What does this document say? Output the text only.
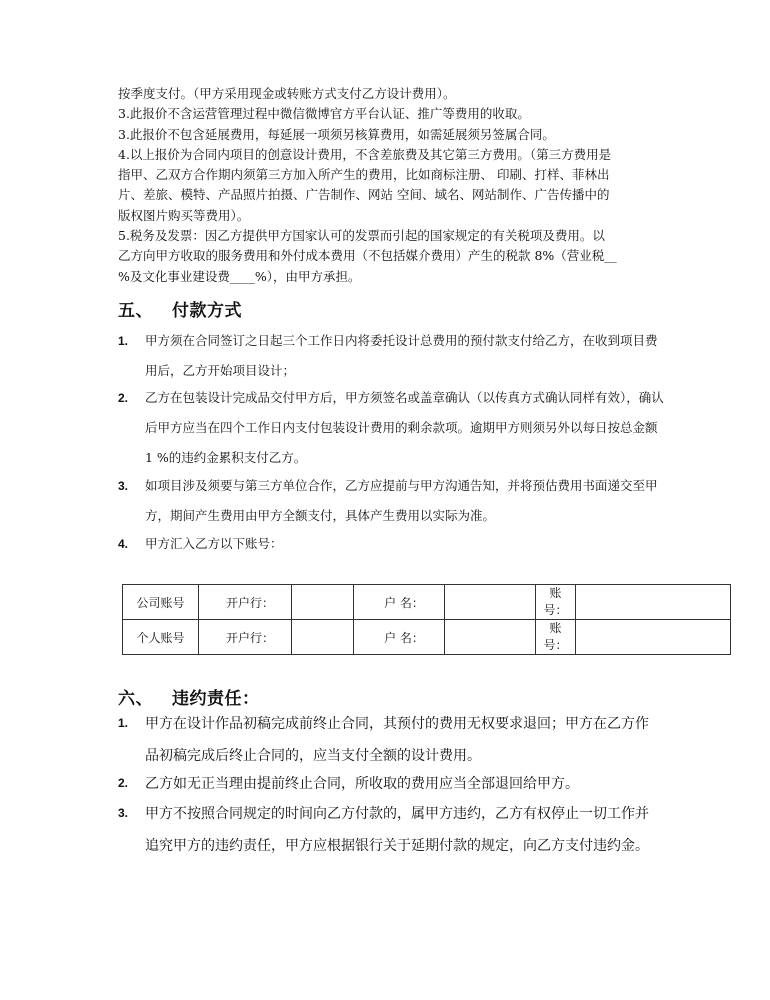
按季度支付。（甲方采用现金或转账方式支付乙方设计费用）。

3.此报价不含运营管理过程中微信微博官方平台认证、推广等费用的收取。

3.此报价不包含延展费用，每延展一项须另核算费用，如需延展须另签属合同。

4.以上报价为合同内项目的创意设计费用，不含差旅费及其它第三方费用。（第三方费用是

指甲、乙双方合作期内须第三方加入所产生的费用，比如商标注册、 印刷、打样、菲林出

片、差旅、模特、产品照片拍摄、广告制作、网站 空间、域名、网站制作、广告传播中的

版权图片购买等费用）。

5.税务及发票：因乙方提供甲方国家认可的发票而引起的国家规定的有关税项及费用。以

乙方向甲方收取的服务费用和外付成本费用（不包括媒介费用）产生的税款 8%（营业税__

%及文化事业建设费____%），由甲方承担。

五、 付款方式
1. 甲方须在合同签订之日起三个工作日内将委托设计总费用的预付款支付给乙方，在收到项目费
用后，乙方开始项目设计；
2. 乙方在包装设计完成品交付甲方后，甲方须签名或盖章确认（以传真方式确认同样有效），确认
后甲方应当在四个工作日内支付包装设计费用的剩余款项。逾期甲方则须另外以每日按总金额
1 %的违约金累积支付乙方。
3. 如项目涉及须要与第三方单位合作，乙方应提前与甲方沟通告知，并将预估费用书面递交至甲
方，期间产生费用由甲方全额支付，具体产生费用以实际为准。
4. 甲方汇入乙方以下账号：
公司账号	开户行：		户 名：		账
号：	
个人账号	开户行：		户 名：		账
号：	
六、 违约责任：
1. 甲方在设计作品初稿完成前终止合同，其预付的费用无权要求退回；甲方在乙方作
品初稿完成后终止合同的，应当支付全额的设计费用。
2. 乙方如无正当理由提前终止合同，所收取的费用应当全部退回给甲方。
3. 甲方不按照合同规定的时间向乙方付款的，属甲方违约，乙方有权停止一切工作并
追究甲方的违约责任，甲方应根据银行关于延期付款的规定，向乙方支付违约金。
